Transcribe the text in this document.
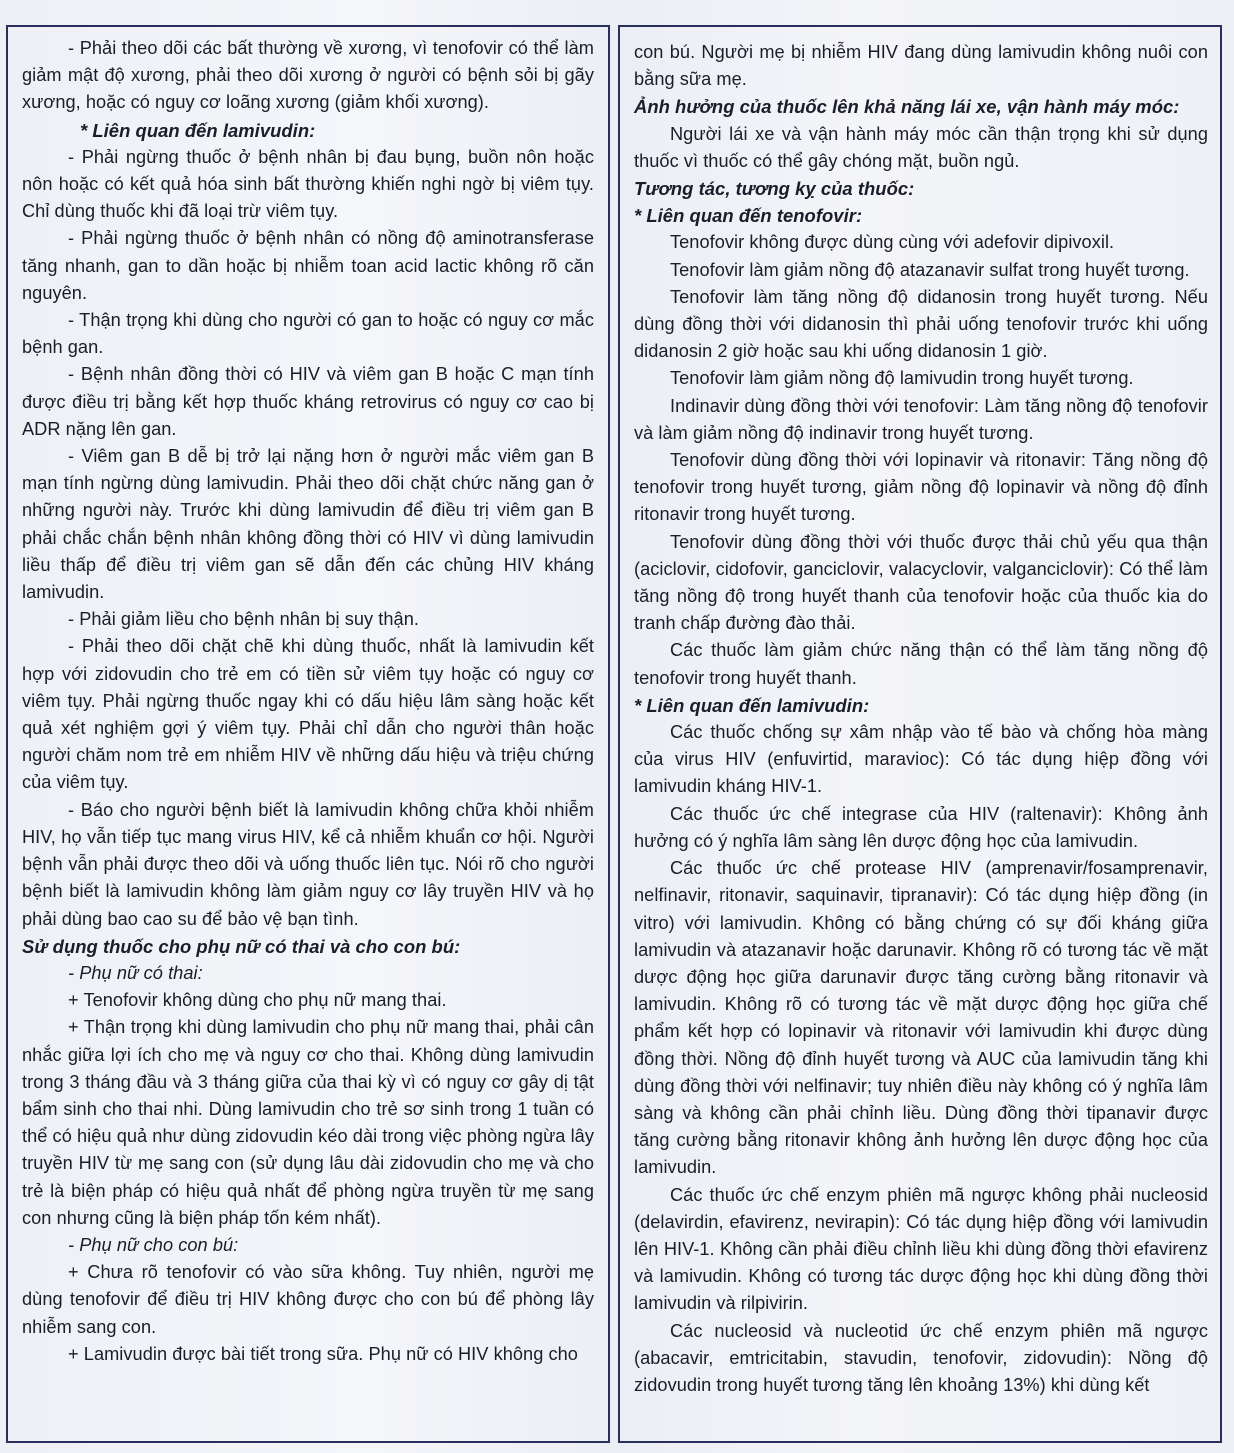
- Phải theo dõi các bất thường về xương, vì tenofovir có thể làm giảm mật độ xương, phải theo dõi xương ở người có bệnh sỏi bị gãy xương, hoặc có nguy cơ loãng xương (giảm khối xương).

* Liên quan đến lamivudin:

- Phải ngừng thuốc ở bệnh nhân bị đau bụng, buồn nôn hoặc nôn hoặc có kết quả hóa sinh bất thường khiến nghi ngờ bị viêm tụy. Chỉ dùng thuốc khi đã loại trừ viêm tụy.

- Phải ngừng thuốc ở bệnh nhân có nồng độ aminotransferase tăng nhanh, gan to dần hoặc bị nhiễm toan acid lactic không rõ căn nguyên.

- Thận trọng khi dùng cho người có gan to hoặc có nguy cơ mắc bệnh gan.

- Bệnh nhân đồng thời có HIV và viêm gan B hoặc C mạn tính được điều trị bằng kết hợp thuốc kháng retrovirus có nguy cơ cao bị ADR nặng lên gan.

- Viêm gan B dễ bị trở lại nặng hơn ở người mắc viêm gan B mạn tính ngừng dùng lamivudin. Phải theo dõi chặt chức năng gan ở những người này. Trước khi dùng lamivudin để điều trị viêm gan B phải chắc chắn bệnh nhân không đồng thời có HIV vì dùng lamivudin liều thấp để điều trị viêm gan sẽ dẫn đến các chủng HIV kháng lamivudin.

- Phải giảm liều cho bệnh nhân bị suy thận.

- Phải theo dõi chặt chẽ khi dùng thuốc, nhất là lamivudin kết hợp với zidovudin cho trẻ em có tiền sử viêm tụy hoặc có nguy cơ viêm tụy. Phải ngừng thuốc ngay khi có dấu hiệu lâm sàng hoặc kết quả xét nghiệm gợi ý viêm tụy. Phải chỉ dẫn cho người thân hoặc người chăm nom trẻ em nhiễm HIV về những dấu hiệu và triệu chứng của viêm tụy.

- Báo cho người bệnh biết là lamivudin không chữa khỏi nhiễm HIV, họ vẫn tiếp tục mang virus HIV, kể cả nhiễm khuẩn cơ hội. Người bệnh vẫn phải được theo dõi và uống thuốc liên tục. Nói rõ cho người bệnh biết là lamivudin không làm giảm nguy cơ lây truyền HIV và họ phải dùng bao cao su để bảo vệ bạn tình.

Sử dụng thuốc cho phụ nữ có thai và cho con bú:

- Phụ nữ có thai:

+ Tenofovir không dùng cho phụ nữ mang thai.

+ Thận trọng khi dùng lamivudin cho phụ nữ mang thai, phải cân nhắc giữa lợi ích cho mẹ và nguy cơ cho thai. Không dùng lamivudin trong 3 tháng đầu và 3 tháng giữa của thai kỳ vì có nguy cơ gây dị tật bẩm sinh cho thai nhi. Dùng lamivudin cho trẻ sơ sinh trong 1 tuần có thể có hiệu quả như dùng zidovudin kéo dài trong việc phòng ngừa lây truyền HIV từ mẹ sang con (sử dụng lâu dài zidovudin cho mẹ và cho trẻ là biện pháp có hiệu quả nhất để phòng ngừa truyền từ mẹ sang con nhưng cũng là biện pháp tốn kém nhất).

- Phụ nữ cho con bú:

+ Chưa rõ tenofovir có vào sữa không. Tuy nhiên, người mẹ dùng tenofovir để điều trị HIV không được cho con bú để phòng lây nhiễm sang con.

+ Lamivudin được bài tiết trong sữa. Phụ nữ có HIV không cho

con bú. Người mẹ bị nhiễm HIV đang dùng lamivudin không nuôi con bằng sữa mẹ.

Ảnh hưởng của thuốc lên khả năng lái xe, vận hành máy móc:

Người lái xe và vận hành máy móc cần thận trọng khi sử dụng thuốc vì thuốc có thể gây chóng mặt, buồn ngủ.

Tương tác, tương kỵ của thuốc:

* Liên quan đến tenofovir:

Tenofovir không được dùng cùng với adefovir dipivoxil.

Tenofovir làm giảm nồng độ atazanavir sulfat trong huyết tương.

Tenofovir làm tăng nồng độ didanosin trong huyết tương. Nếu dùng đồng thời với didanosin thì phải uống tenofovir trước khi uống didanosin 2 giờ hoặc sau khi uống didanosin 1 giờ.

Tenofovir làm giảm nồng độ lamivudin trong huyết tương.

Indinavir dùng đồng thời với tenofovir: Làm tăng nồng độ tenofovir và làm giảm nồng độ indinavir trong huyết tương.

Tenofovir dùng đồng thời với lopinavir và ritonavir: Tăng nồng độ tenofovir trong huyết tương, giảm nồng độ lopinavir và nồng độ đỉnh ritonavir trong huyết tương.

Tenofovir dùng đồng thời với thuốc được thải chủ yếu qua thận (aciclovir, cidofovir, ganciclovir, valacyclovir, valganciclovir): Có thể làm tăng nồng độ trong huyết thanh của tenofovir hoặc của thuốc kia do tranh chấp đường đào thải.

Các thuốc làm giảm chức năng thận có thể làm tăng nồng độ tenofovir trong huyết thanh.

* Liên quan đến lamivudin:

Các thuốc chống sự xâm nhập vào tế bào và chống hòa màng của virus HIV (enfuvirtid, maravioc): Có tác dụng hiệp đồng với lamivudin kháng HIV-1.

Các thuốc ức chế integrase của HIV (raltenavir): Không ảnh hưởng có ý nghĩa lâm sàng lên dược động học của lamivudin.

Các thuốc ức chế protease HIV (amprenavir/fosamprenavir, nelfinavir, ritonavir, saquinavir, tipranavir): Có tác dụng hiệp đồng (in vitro) với lamivudin. Không có bằng chứng có sự đối kháng giữa lamivudin và atazanavir hoặc darunavir. Không rõ có tương tác về mặt dược động học giữa darunavir được tăng cường bằng ritonavir và lamivudin. Không rõ có tương tác về mặt dược động học giữa chế phẩm kết hợp có lopinavir và ritonavir với lamivudin khi được dùng đồng thời. Nồng độ đỉnh huyết tương và AUC của lamivudin tăng khi dùng đồng thời với nelfinavir; tuy nhiên điều này không có ý nghĩa lâm sàng và không cần phải chỉnh liều. Dùng đồng thời tipanavir được tăng cường bằng ritonavir không ảnh hưởng lên dược động học của lamivudin.

Các thuốc ức chế enzym phiên mã ngược không phải nucleosid (delavirdin, efavirenz, nevirapin): Có tác dụng hiệp đồng với lamivudin lên HIV-1. Không cần phải điều chỉnh liều khi dùng đồng thời efavirenz và lamivudin. Không có tương tác dược động học khi dùng đồng thời lamivudin và rilpivirin.

Các nucleosid và nucleotid ức chế enzym phiên mã ngược (abacavir, emtricitabin, stavudin, tenofovir, zidovudin): Nồng độ zidovudin trong huyết tương tăng lên khoảng 13%) khi dùng kết
